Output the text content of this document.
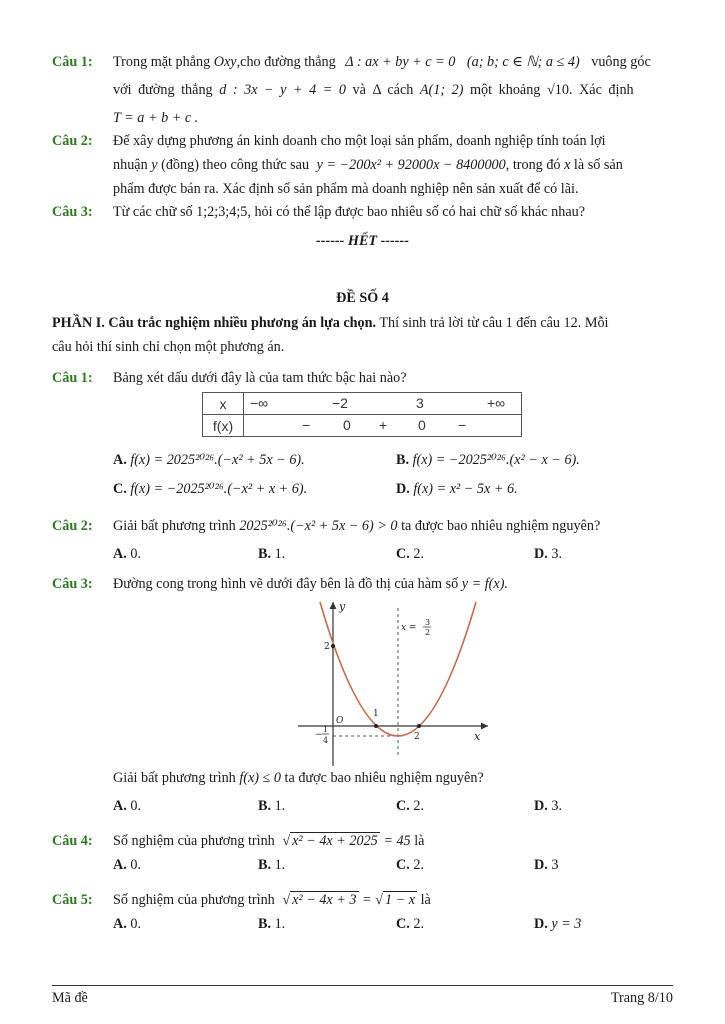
Câu 1: Trong mặt phẳng Oxy,cho đường thẳng Δ : ax + by + c = 0 (a; b; c ∈ ℕ; a ≤ 4) vuông góc
với đường thẳng d : 3x − y + 4 = 0 và Δ cách A(1; 2) một khoảng √10. Xác định
T = a + b + c .
Câu 2: Để xây dựng phương án kinh doanh cho một loại sản phẩm, doanh nghiệp tính toán lợi
nhuận y (đồng) theo công thức sau y = −200x² + 92000x − 8400000, trong đó x là số sản
phẩm được bán ra. Xác định số sản phẩm mà doanh nghiệp nên sản xuất để có lãi.
Câu 3: Từ các chữ số 1;2;3;4;5, hỏi có thể lập được bao nhiêu số có hai chữ số khác nhau?
------ HẾT ------
ĐỀ SỐ 4
PHẦN I. Câu trắc nghiệm nhiều phương án lựa chọn. Thí sinh trả lời từ câu 1 đến câu 12. Mỗi
câu hỏi thí sinh chỉ chọn một phương án.
Câu 1: Bảng xét dấu dưới đây là của tam thức bậc hai nào?
x	−∞ −2 3 +∞

f(x)	− 0 + 0 −
A. f(x) = 2025²⁰²⁶.(−x² + 5x − 6).	B. f(x) = −2025²⁰²⁶.(x² − x − 6).
C. f(x) = −2025²⁰²⁶.(−x² + x + 6).	D. f(x) = x² − 5x + 6.
Câu 2: Giải bất phương trình 2025²⁰²⁶.(−x² + 5x − 6) > 0 ta được bao nhiêu nghiệm nguyên?
A. 0.	B. 1.	C. 2.	D. 3.
Câu 3: Đường cong trong hình vẽ dưới đây bên là đồ thị của hàm số y = f(x).
y
x
O
2
1
2
−
1
4
x =
3
2
Giải bất phương trình f(x) ≤ 0 ta được bao nhiêu nghiệm nguyên?
A. 0.	B. 1.	C. 2.	D. 3.
Câu 4: Số nghiệm của phương trình √ x² − 4x + 2025 = 45 là
A. 0.	B. 1.	C. 2.	D. 3
Câu 5: Số nghiệm của phương trình √ x² − 4x + 3 = √ 1 − x là
A. 0.	B. 1.	C. 2.	D. y = 3
Mã đề	Trang 8/10
